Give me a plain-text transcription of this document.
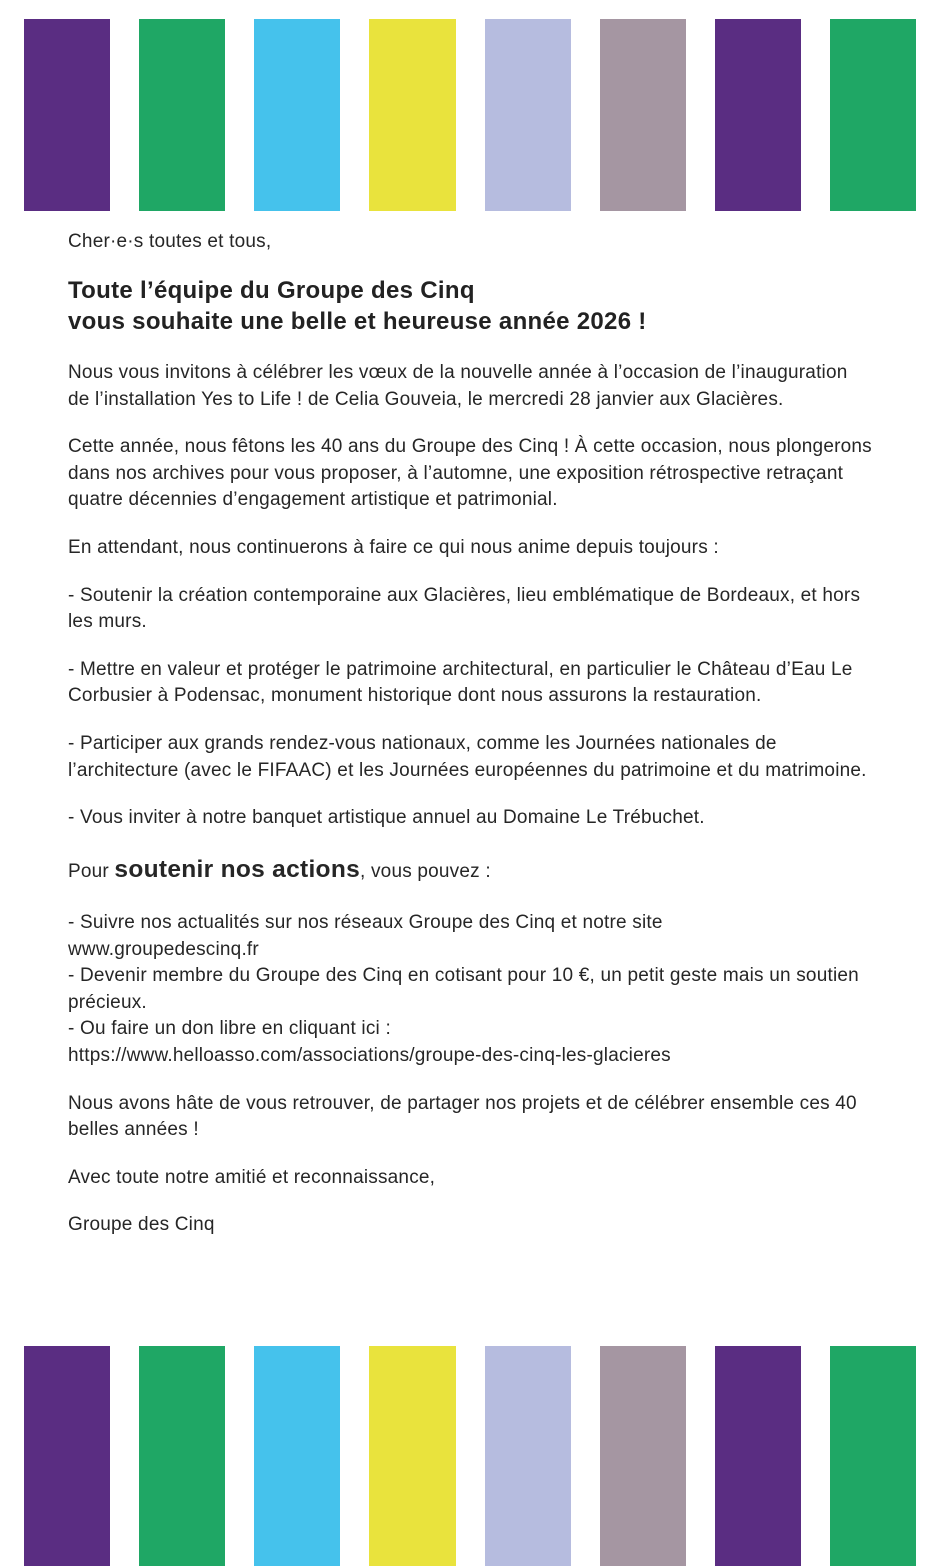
Cher·e·s toutes et tous,

Toute l’équipe du Groupe des Cinq
vous souhaite une belle et heureuse année 2026 !

Nous vous invitons à célébrer les vœux de la nouvelle année à l’occasion de l’inauguration de l’installation Yes to Life ! de Celia Gouveia, le mercredi 28 janvier aux Glacières.

Cette année, nous fêtons les 40 ans du Groupe des Cinq ! À cette occasion, nous plongerons dans nos archives pour vous proposer, à l’automne, une exposition rétrospective retraçant quatre décennies d’engagement artistique et patrimonial.

En attendant, nous continuerons à faire ce qui nous anime depuis toujours :

- Soutenir la création contemporaine aux Glacières, lieu emblématique de Bordeaux, et hors les murs.

- Mettre en valeur et protéger le patrimoine architectural, en particulier le Château d’Eau Le Corbusier à Podensac, monument historique dont nous assurons la restauration.

- Participer aux grands rendez-vous nationaux, comme les Journées nationales de l’architecture (avec le FIFAAC) et les Journées européennes du patrimoine et du matrimoine.

- Vous inviter à notre banquet artistique annuel au Domaine Le Trébuchet.

Pour soutenir nos actions, vous pouvez :

- Suivre nos actualités sur nos réseaux Groupe des Cinq et notre site
www.groupedescinq.fr

- Devenir membre du Groupe des Cinq en cotisant pour 10 €, un petit geste mais un soutien précieux.

- Ou faire un don libre en cliquant ici :
https://www.helloasso.com/associations/groupe-des-cinq-les-glacieres

Nous avons hâte de vous retrouver, de partager nos projets et de célébrer ensemble ces 40 belles années !

Avec toute notre amitié et reconnaissance,

Groupe des Cinq
